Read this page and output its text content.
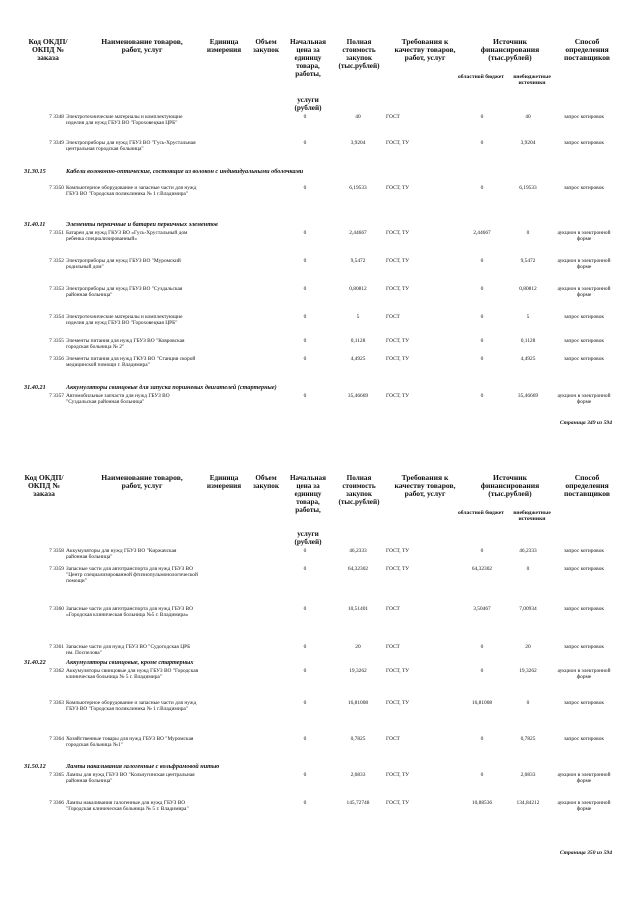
Код ОКДП/ ОКПД № заказа
Наименование товаров, работ, услуг
Единица измерения
Объем закупок
Начальная цена за единицу товара, работы,
услуги (рублей)
Полная стоимость закупок (тыс.рублей)
Требования к качеству товаров, работ, услуг
Источник финансирования (тыс.рублей)
областной бюджет	внебюджетные источники
Способ определения поставщиков
7 3348 Электротехнические материалы и комплектующие изделия для нужд ГБУЗ ВО "Гороховецкая ЦРБ"
0	40	ГОСТ	0	40	запрос котировок
7 3349 Электроприборы для нужд ГБУЗ ВО "Гусь-Хрустальная центральная городская больница"
0	3,9204	ГОСТ, ТУ	0	3,9204	запрос котировок
31.30.15	Кабели волоконно-оптические, состоящие из волокон с индивидуальными оболочками
7 3350 Компьютерное оборудование и запасные части для нужд ГБУЗ ВО "Городская поликлиника № 1 г.Владимира"
0	6,19533	ГОСТ, ТУ	0	6,19533	запрос котировок
31.40.11	Элементы первичные и батареи первичных элементов
7 3351 Батареи для нужд ГКУЗ ВО «Гусь-Хрустальный дом ребенка специализированный»
0	2,44667	ГОСТ, ТУ	2,44667	0	аукцион в электронной форме
7 3352 Электроприборы для нужд ГБУЗ ВО "Муромский родильный дом"
0	9,5472	ГОСТ, ТУ	0	9,5472	аукцион в электронной форме
7 3353 Электроприборы для нужд ГБУЗ ВО "Суздальская районная больница"
0	0,80812	ГОСТ, ТУ	0	0,80812	аукцион в электронной форме
7 3354 Электротехнические материалы и комплектующие изделия для нужд ГБУЗ ВО "Гороховецкая ЦРБ"
0	5	ГОСТ	0	5	запрос котировок
7 3355 Элементы питания для нужд ГБУЗ ВО "Ковровская городская больница № 2"
0	0,1128	ГОСТ, ТУ	0	0,1128	запрос котировок
7 3356 Элементы питания для нужд ГКУЗ ВО "Станция скорой медицинской помощи г. Владимира"
0	4,4925	ГОСТ, ТУ	0	4,4925	запрос котировок
31.40.21	Аккумуляторы свинцовые для запуска поршневых двигателей (стартерные)
7 3357 Автомобильные запчасти для нужд ГБУЗ ВО "Суздальская районная больница"
0	35,46669	ГОСТ, ТУ	0	35,46669	аукцион в электронной форме
Страница 349 из 594
Код ОКДП/ ОКПД № заказа
Наименование товаров, работ, услуг
Единица измерения
Объем закупок
Начальная цена за единицу товара, работы,
услуги (рублей)
Полная стоимость закупок (тыс.рублей)
Требования к качеству товаров, работ, услуг
Источник финансирования (тыс.рублей)
областной бюджет	внебюджетные источники
Способ определения поставщиков
7 3358 Аккумуляторы для нужд ГБУЗ ВО "Киржачская районная больница"
0	46,2333	ГОСТ, ТУ	0	46,2333	запрос котировок
7 3359 Запасные части для автотранспорта для нужд ГБУЗ ВО "Центр специализированной фтизиопульмонологической помощи"
0	64,32302	ГОСТ, ТУ	64,32302	0	запрос котировок
7 3360 Запасные части для автотранспорта для нужд ГБУЗ ВО «Городская клиническая больница №5 г. Владимира»
0	10,51401	ГОСТ	3,50467	7,00934	запрос котировок
7 3361 Запасные части для нужд ГБУЗ ВО "Судогодская ЦРБ им. Поспелова"
0	20	ГОСТ	0	20	запрос котировок
31.40.22	Аккумуляторы свинцовые, кроме стартерных
7 3362 Аккумуляторы свинцовые для нужд ГБУЗ ВО "Городская клиническая больница № 5 г. Владимира"
0	19,3262	ГОСТ, ТУ	0	19,3262	аукцион в электронной форме
7 3363 Компьютерное оборудование и запасные части для нужд ГБУЗ ВО "Городская поликлиника № 1 г.Владимира"
0	16,81008	ГОСТ, ТУ	16,81008	0	запрос котировок
7 3364 Хозяйственные товары для нужд ГБУЗ ВО "Муромская городская больница №1"
0	0,7825	ГОСТ	0	0,7825	запрос котировок
31.50.12	Лампы накаливания галогенные с вольфрамовой нитью
7 3365 Лампы для нужд ГБУЗ ВО "Кольчугинская центральная районная больница"
0	2,0833	ГОСТ, ТУ	0	2,0833	аукцион в электронной форме
7 3366 Лампы накаливания галогенные для нужд ГБУЗ ВО "Городская клиническая больница № 5 г. Владимира"
0	145,72748	ГОСТ, ТУ	10,88536	134,84212	аукцион в электронной форме
Страница 350 из 594
